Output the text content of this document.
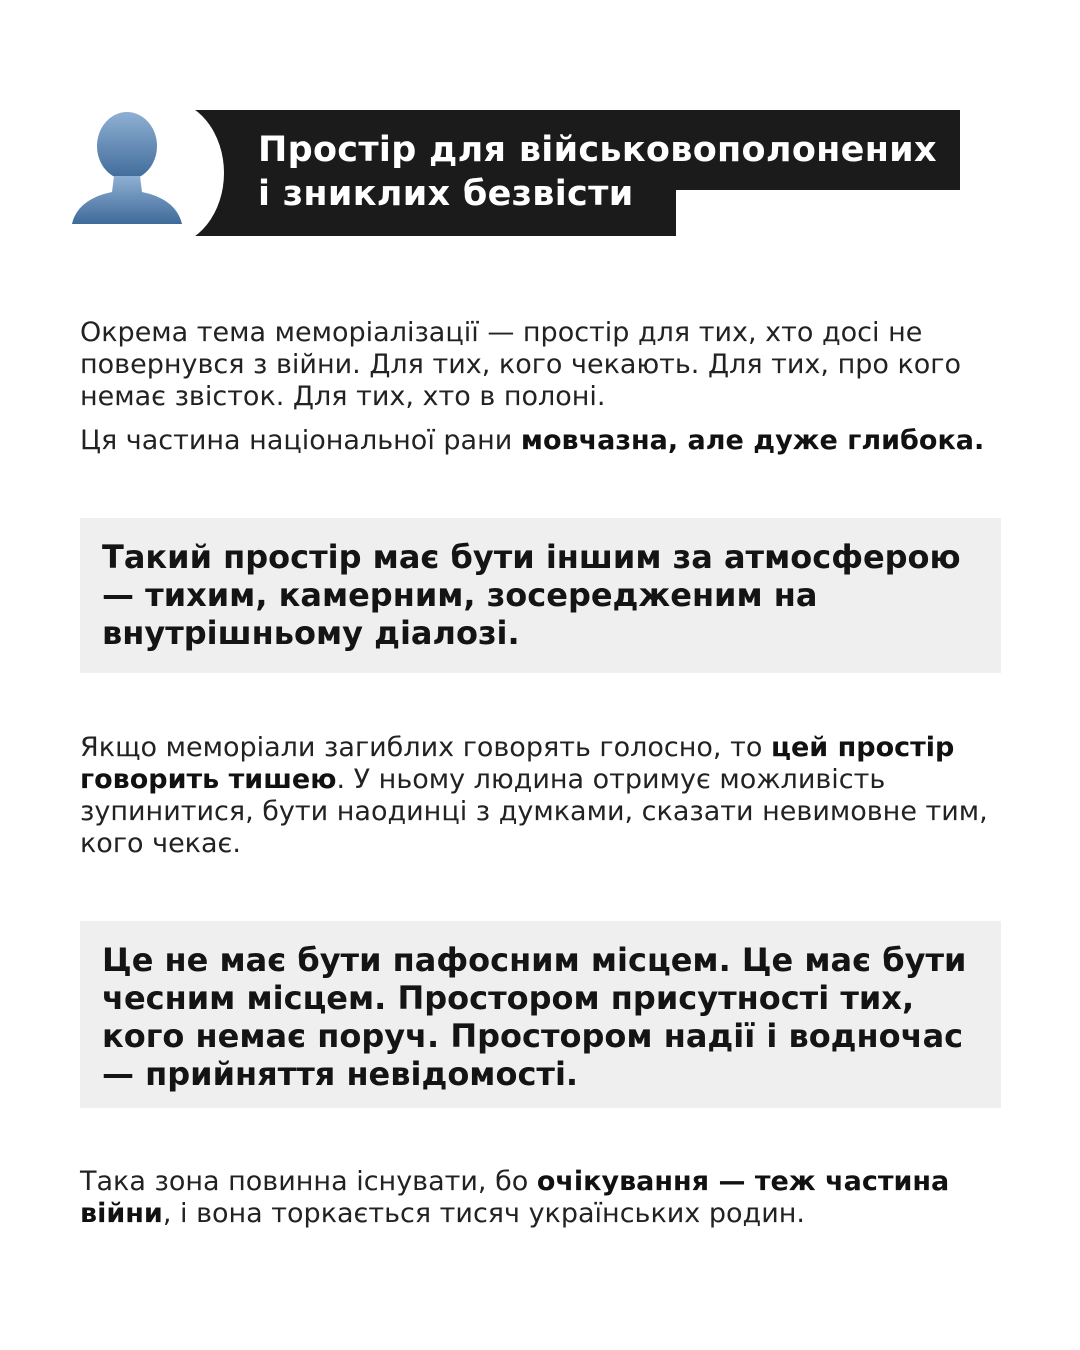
Простір для військовополонених
і зниклих безвісти

Окрема тема меморіалізації — простір для тих, хто досі не повернувся з війни. Для тих, кого чекають. Для тих, про кого немає звісток. Для тих, хто в полоні.

Ця частина національної рани мовчазна, але дуже глибока.

Такий простір має бути іншим за атмосферою — тихим, камерним, зосередженим на внутрішньому діалозі.

Якщо меморіали загиблих говорять голосно, то цей простір говорить тишею. У ньому людина отримує можливість зупинитися, бути наодинці з думками, сказати невимовне тим, кого чекає.

Це не має бути пафосним місцем. Це має бути чесним місцем. Простором присутності тих, кого немає поруч. Простором надії і водночас — прийняття невідомості.

Така зона повинна існувати, бо очікування — теж частина війни, і вона торкається тисяч українських родин.
